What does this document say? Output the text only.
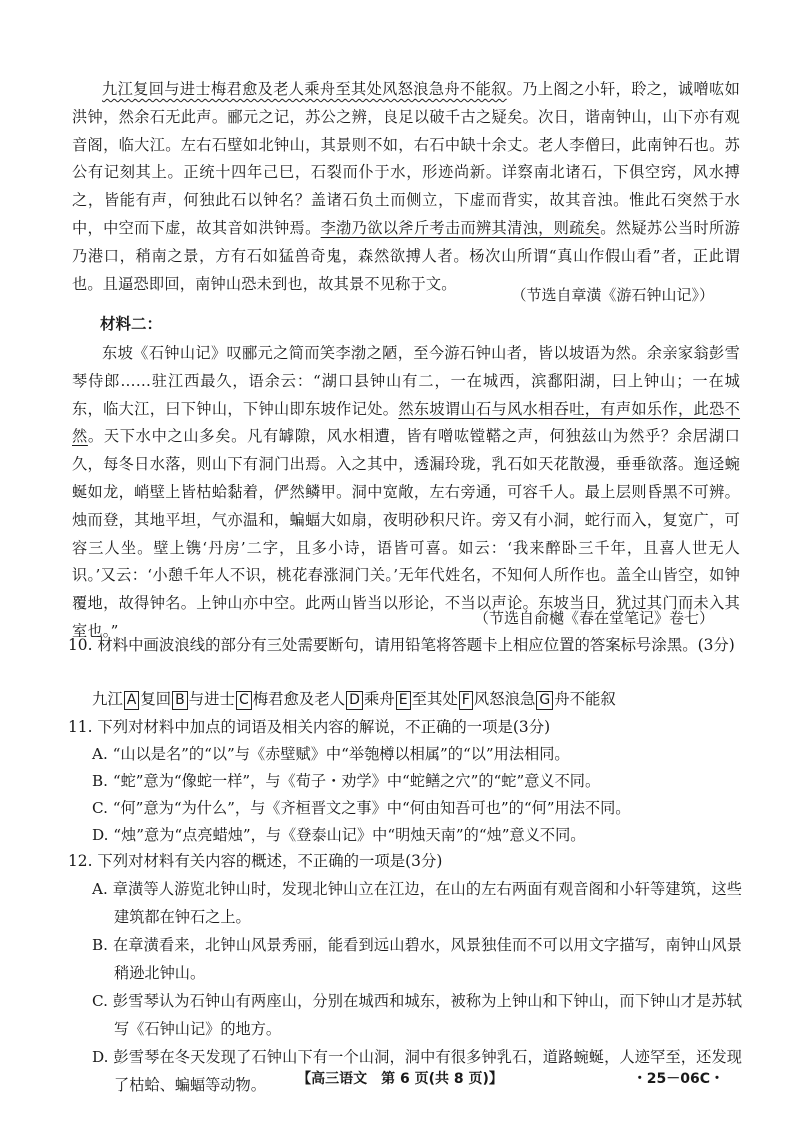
九江复回与进士梅君愈及老人乘舟至其处风怒浪急舟不能叙。乃上阁之小轩，聆之，诚噌吰如洪钟，然余石无此声。郦元之记，苏公之辨，良足以破千古之疑矣。次日，谐南钟山，山下亦有观音阁，临大江。左右石壁如北钟山，其景则不如，右石中缺十余丈。老人李僧曰，此南钟石也。苏公有记刻其上。正统十四年己巳，石裂而仆于水，形迹尚新。详察南北诸石，下俱空窍，风水搏之，皆能有声，何独此石以钟名？盖诸石负土而侧立，下虚而背实，故其音浊。惟此石突然于水中，中空而下虚，故其音如洪钟焉。李渤乃欲以斧斤考击而辨其清浊，则疏矣。然疑苏公当时所游乃港口，稍南之景，方有石如猛兽奇鬼，森然欲搏人者。杨次山所谓“真山作假山看”者，正此谓也。且逼恐即回，南钟山恐未到也，故其景不见称于文。

（节选自章潢《游石钟山记》）
材料二：

东坡《石钟山记》叹郦元之简而笑李渤之陋，至今游石钟山者，皆以坡语为然。余亲家翁彭雪琴侍郎……驻江西最久，语余云：“湖口县钟山有二，一在城西，滨鄱阳湖，曰上钟山；一在城东，临大江，曰下钟山，下钟山即东坡作记处。然东坡谓山石与风水相吞吐，有声如乐作，此恐不然。天下水中之山多矣。凡有罅隙，风水相遭，皆有噌吰镗鞳之声，何独兹山为然乎？余居湖口久，每冬日水落，则山下有洞门出焉。入之其中，透漏玲珑，乳石如天花散漫，垂垂欲落。迤迳蜿蜒如龙，峭壁上皆枯蛤黏着，俨然鳞甲。洞中宽敞，左右旁通，可容千人。最上层则昏黑不可辨。烛而登，其地平坦，气亦温和，蝙蝠大如扇，夜明砂积尺许。旁又有小洞，蛇行而入，复宽广，可容三人坐。壁上镌‘丹房’二字，且多小诗，语皆可喜。如云：‘我来醉卧三千年，且喜人世无人识。’又云：‘小憩千年人不识，桃花春涨洞门关。’无年代姓名，不知何人所作也。盖全山皆空，如钟覆地，故得钟名。上钟山亦中空。此两山皆当以形论，不当以声论。东坡当日，犹过其门而未入其室也。”

（节选自俞樾《春在堂笔记》卷七）

10. 材料中画波浪线的部分有三处需要断句，请用铅笔将答题卡上相应位置的答案标号涂黑。(3分)

九江 A 复回 B 与进士 C 梅君愈及老人 D 乘舟 E 至其处 F 风怒浪急 G 舟不能叙

11. 下列对材料中加点的词语及相关内容的解说，不正确的一项是(3分)

A. “山以是名”的“以”与《赤壁赋》中“举匏樽以相属”的“以”用法相同。

B. “蛇”意为“像蛇一样”，与《荀子・劝学》中“蛇鳝之穴”的“蛇”意义不同。

C. “何”意为“为什么”，与《齐桓晋文之事》中“何由知吾可也”的“何”用法不同。

D. “烛”意为“点亮蜡烛”，与《登泰山记》中“明烛天南”的“烛”意义不同。

12. 下列对材料有关内容的概述，不正确的一项是(3分)

A. 章潢等人游览北钟山时，发现北钟山立在江边，在山的左右两面有观音阁和小轩等建筑，这些建筑都在钟石之上。

B. 在章潢看来，北钟山风景秀丽，能看到远山碧水，风景独佳而不可以用文字描写，南钟山风景稍逊北钟山。

C. 彭雪琴认为石钟山有两座山，分别在城西和城东，被称为上钟山和下钟山，而下钟山才是苏轼写《石钟山记》的地方。

D. 彭雪琴在冬天发现了石钟山下有一个山洞，洞中有很多钟乳石，道路蜿蜒，人迹罕至，还发现了枯蛤、蝙蝠等动物。	【高三语文　第 6 页(共 8 页)】	・25－06C・
